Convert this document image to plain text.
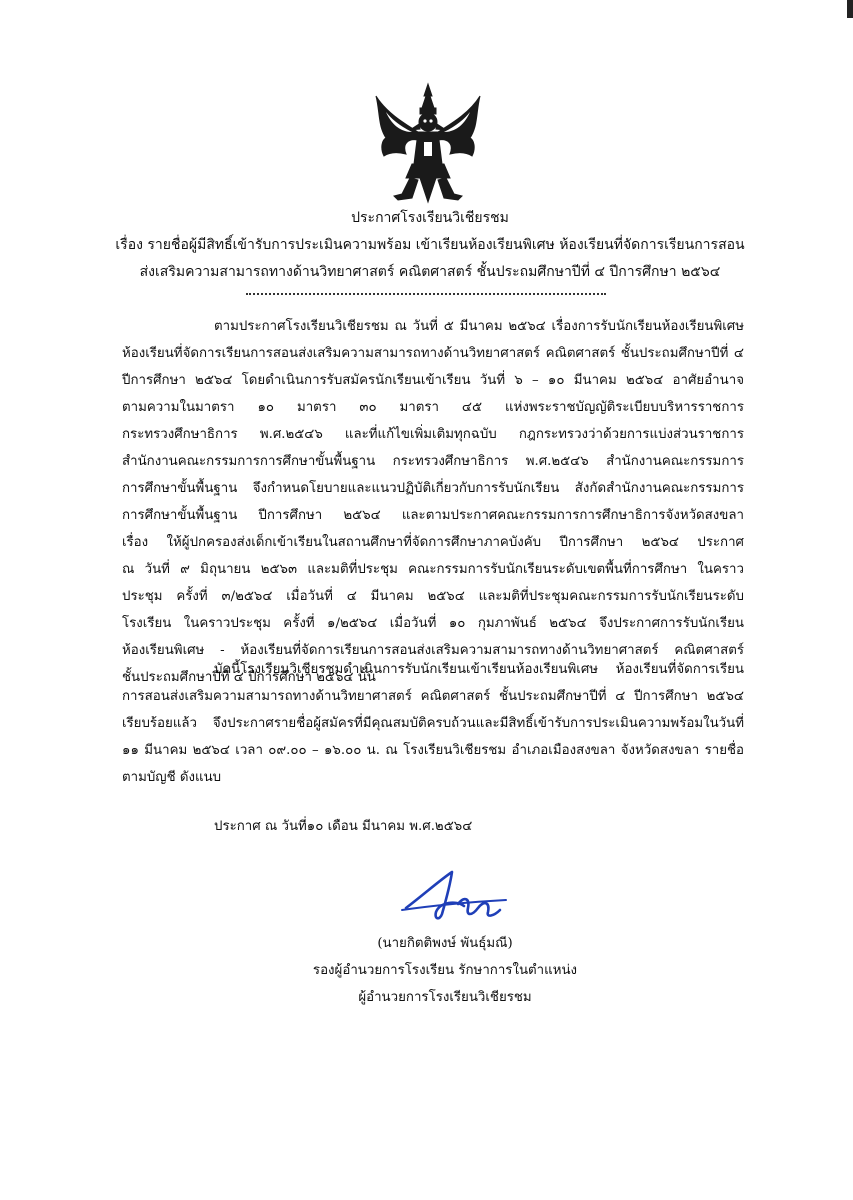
ประกาศโรงเรียนวิเชียรชม
เรื่อง รายชื่อผู้มีสิทธิ์เข้ารับการประเมินความพร้อม เข้าเรียนห้องเรียนพิเศษ ห้องเรียนที่จัดการเรียนการสอน
ส่งเสริมความสามารถทางด้านวิทยาศาสตร์ คณิตศาสตร์ ชั้นประถมศึกษาปีที่ ๔ ปีการศึกษา ๒๕๖๔
ตามประกาศโรงเรียนวิเชียรชม ณ วันที่ ๕ มีนาคม ๒๕๖๔ เรื่องการรับนักเรียนห้องเรียนพิเศษ
ห้องเรียนที่จัดการเรียนการสอนส่งเสริมความสามารถทางด้านวิทยาศาสตร์ คณิตศาสตร์ ชั้นประถมศึกษาปีที่ ๔
ปีการศึกษา ๒๕๖๔ โดยดำเนินการรับสมัครนักเรียนเข้าเรียน วันที่ ๖ – ๑๐ มีนาคม ๒๕๖๔ อาศัยอำนาจ
ตามความในมาตรา ๑๐ มาตรา ๓๐ มาตรา ๔๕ แห่งพระราชบัญญัติระเบียบบริหารราชการ
กระทรวงศึกษาธิการ พ.ศ.๒๕๔๖ และที่แก้ไขเพิ่มเติมทุกฉบับ กฎกระทรวงว่าด้วยการแบ่งส่วนราชการ
สำนักงานคณะกรรมการการศึกษาขั้นพื้นฐาน กระทรวงศึกษาธิการ พ.ศ.๒๕๔๖ สำนักงานคณะกรรมการ
การศึกษาขั้นพื้นฐาน จึงกำหนดโยบายและแนวปฏิบัติเกี่ยวกับการรับนักเรียน สังกัดสำนักงานคณะกรรมการ
การศึกษาขั้นพื้นฐาน ปีการศึกษา ๒๕๖๔ และตามประกาศคณะกรรมการการศึกษาธิการจังหวัดสงขลา
เรื่อง ให้ผู้ปกครองส่งเด็กเข้าเรียนในสถานศึกษาที่จัดการศึกษาภาคบังคับ ปีการศึกษา ๒๕๖๔ ประกาศ
ณ วันที่ ๙ มิถุนายน ๒๕๖๓ และมติที่ประชุม คณะกรรมการรับนักเรียนระดับเขตพื้นที่การศึกษา ในคราว
ประชุม ครั้งที่ ๓/๒๕๖๔ เมื่อวันที่ ๔ มีนาคม ๒๕๖๔ และมติที่ประชุมคณะกรรมการรับนักเรียนระดับ
โรงเรียน ในคราวประชุม ครั้งที่ ๑/๒๕๖๔ เมื่อวันที่ ๑๐ กุมภาพันธ์ ๒๕๖๔ จึงประกาศการรับนักเรียน
ห้องเรียนพิเศษ - ห้องเรียนที่จัดการเรียนการสอนส่งเสริมความสามารถทางด้านวิทยาศาสตร์ คณิตศาสตร์
ชั้นประถมศึกษาปีที่ ๔ ปีการศึกษา ๒๕๖๔ นั้น
บัดนี้โรงเรียนวิเชียรชมดำเนินการรับนักเรียนเข้าเรียนห้องเรียนพิเศษ ห้องเรียนที่จัดการเรียน
การสอนส่งเสริมความสามารถทางด้านวิทยาศาสตร์ คณิตศาสตร์ ชั้นประถมศึกษาปีที่ ๔ ปีการศึกษา ๒๕๖๔
เรียบร้อยแล้ว จึงประกาศรายชื่อผู้สมัครที่มีคุณสมบัติครบถ้วนและมีสิทธิ์เข้ารับการประเมินความพร้อมในวันที่
๑๑ มีนาคม ๒๕๖๔ เวลา ๐๙.๐๐ – ๑๖.๐๐ น. ณ โรงเรียนวิเชียรชม อำเภอเมืองสงขลา จังหวัดสงขลา รายชื่อ
ตามบัญชี ดังแนบ
ประกาศ ณ วันที่๑๐ เดือน มีนาคม พ.ศ.๒๕๖๔
(นายกิตติพงษ์ พันธุ์มณี)
รองผู้อำนวยการโรงเรียน รักษาการในตำแหน่ง
ผู้อำนวยการโรงเรียนวิเชียรชม
